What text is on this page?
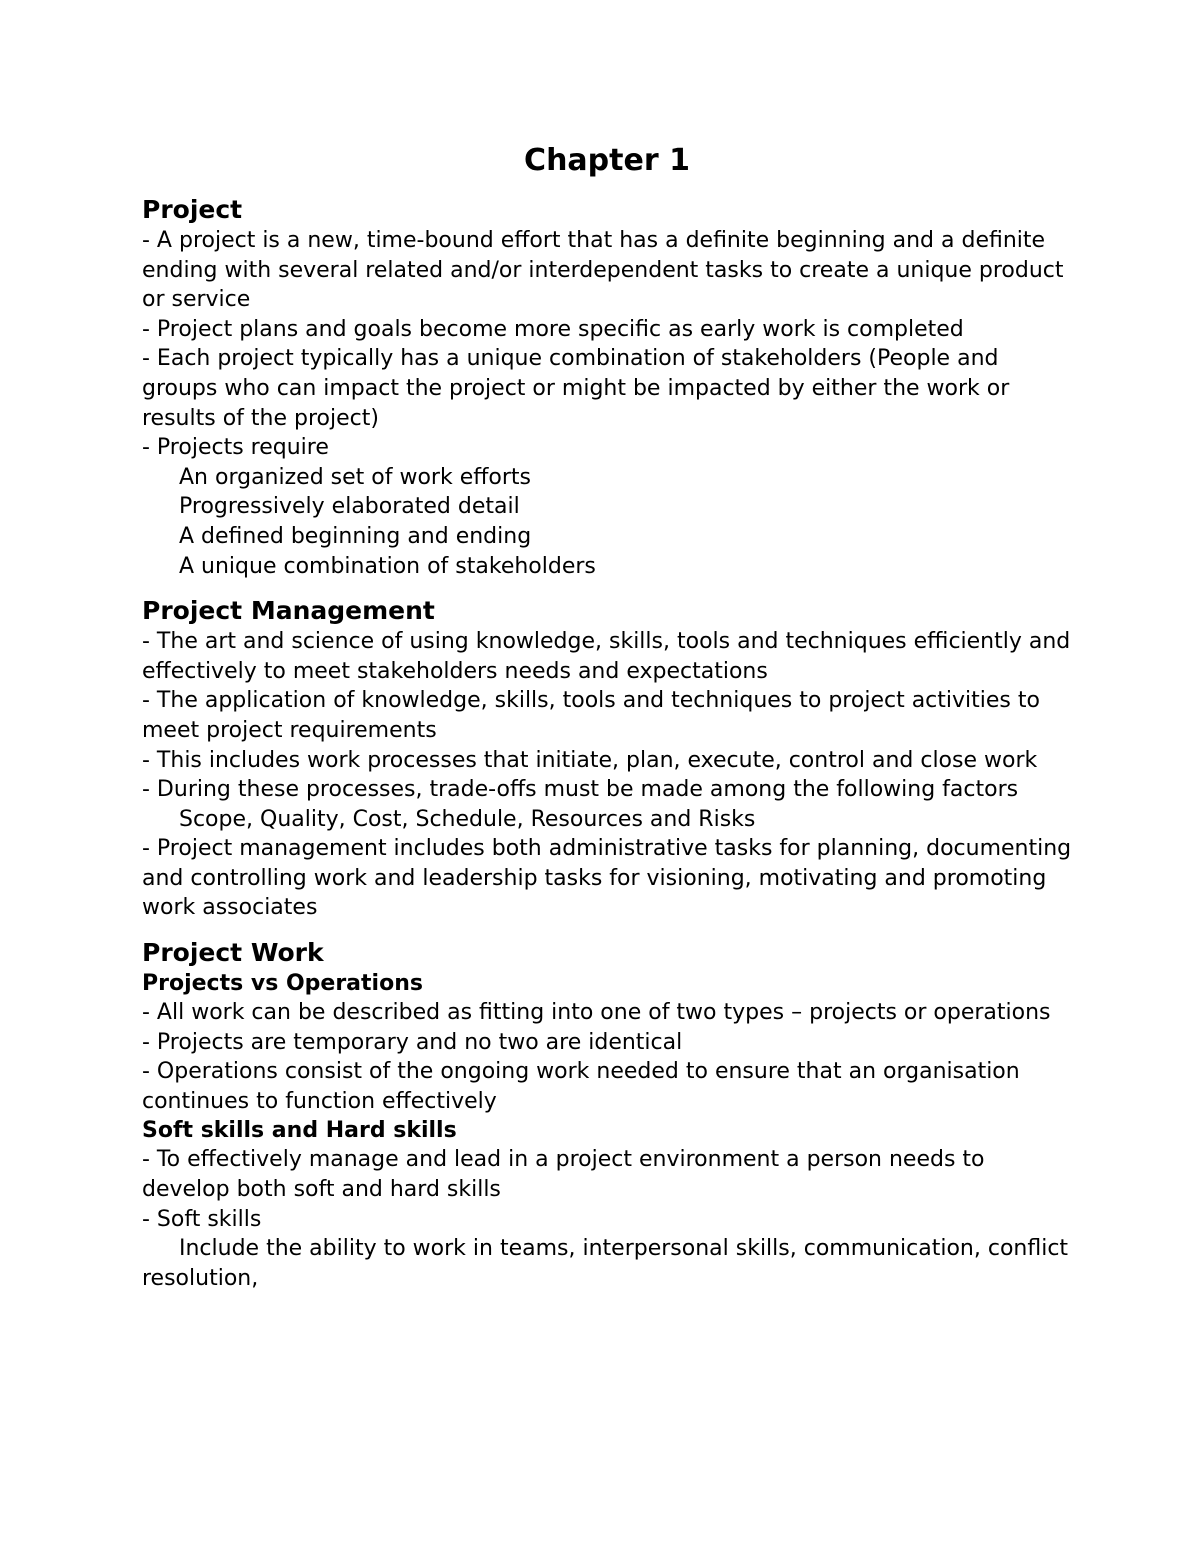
Chapter 1
Project
- A project is a new, time-bound effort that has a definite beginning and a definite ending with several related and/or interdependent tasks to create a unique product or service
- Project plans and goals become more specific as early work is completed
- Each project typically has a unique combination of stakeholders (People and groups who can impact the project or might be impacted by either the work or results of the project)
- Projects require
An organized set of work efforts
Progressively elaborated detail
A defined beginning and ending
A unique combination of stakeholders
Project Management
- The art and science of using knowledge, skills, tools and techniques efficiently and effectively to meet stakeholders needs and expectations
- The application of knowledge, skills, tools and techniques to project activities to meet project requirements
- This includes work processes that initiate, plan, execute, control and close work
- During these processes, trade-offs must be made among the following factors
Scope, Quality, Cost, Schedule, Resources and Risks
- Project management includes both administrative tasks for planning, documenting and controlling work and leadership tasks for visioning, motivating and promoting work associates
Project Work
Projects vs Operations
- All work can be described as fitting into one of two types – projects or operations
- Projects are temporary and no two are identical
- Operations consist of the ongoing work needed to ensure that an organisation continues to function effectively
Soft skills and Hard skills
- To effectively manage and lead in a project environment a person needs to develop both soft and hard skills
- Soft skills
Include the ability to work in teams, interpersonal skills, communication, conflict resolution,
